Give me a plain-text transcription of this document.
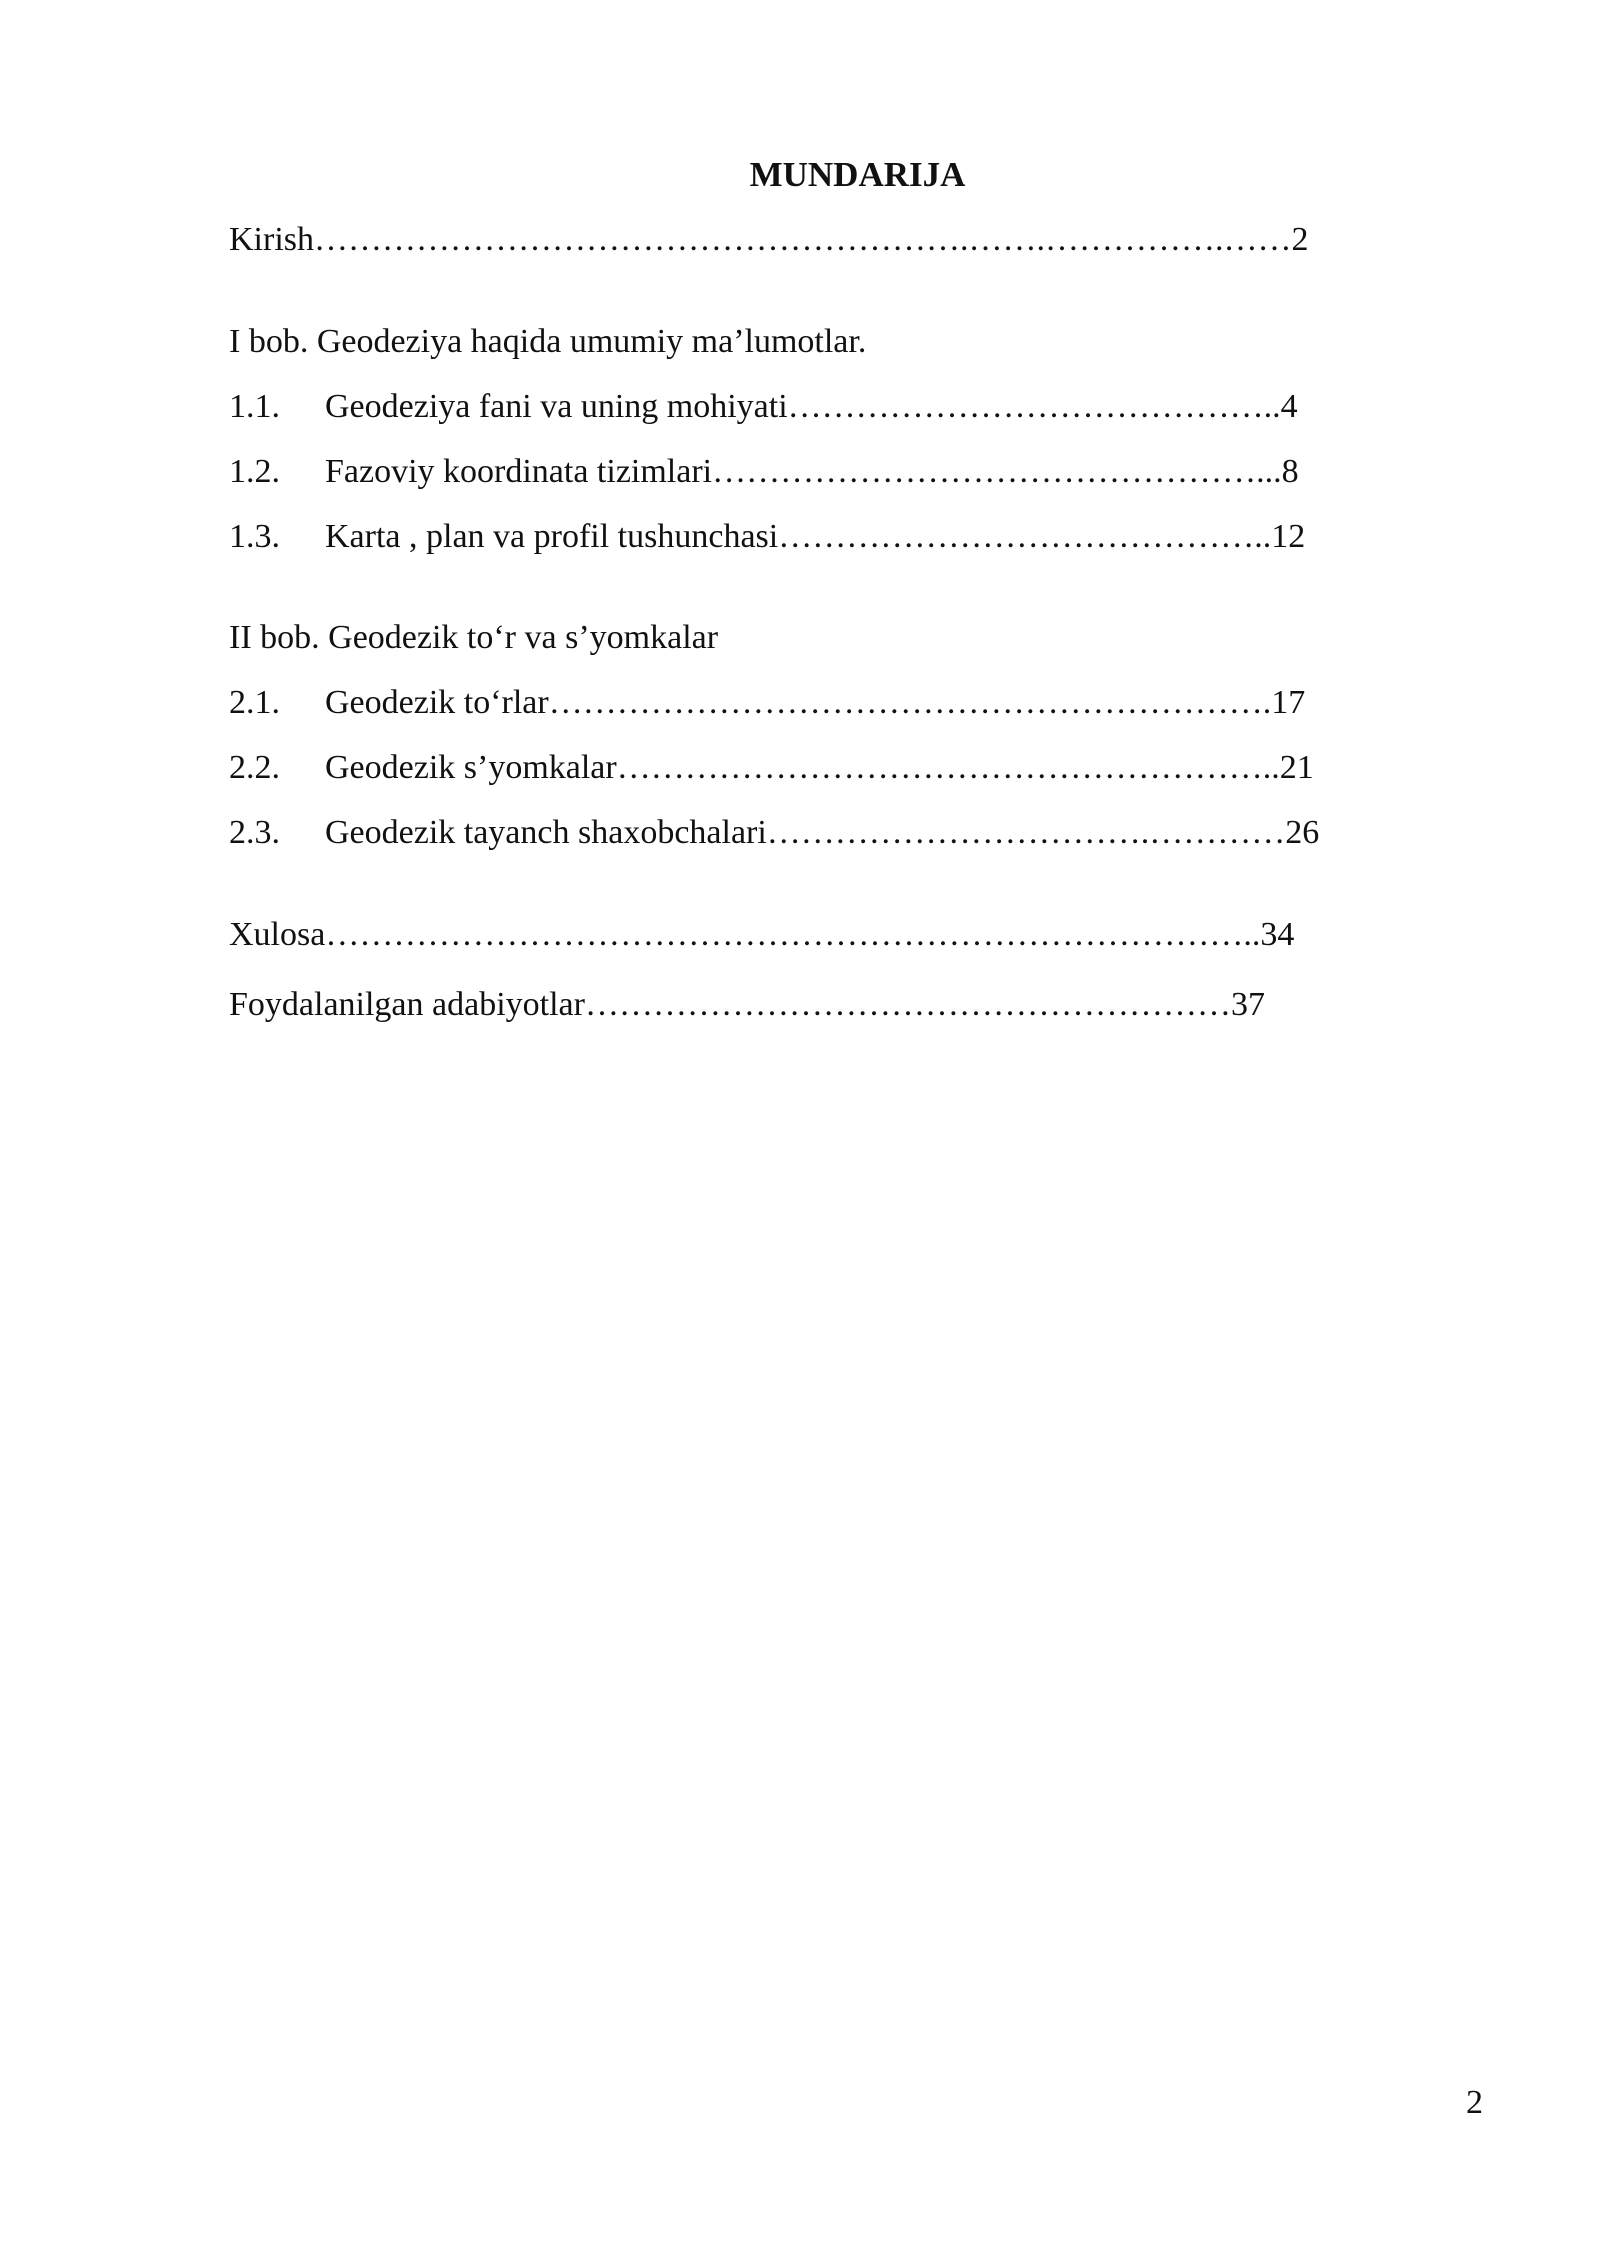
MUNDARIJA
Kirish………………………………………………….…….…………….……2
I bob. Geodeziya haqida umumiy ma’lumotlar.
1.1. Geodeziya fani va uning mohiyati……………………………………..4
1.2. Fazoviy koordinata tizimlari…………………………………………...8
1.3. Karta , plan va profil tushunchasi……………………………………..12
II bob. Geodezik to‘r va s’yomkalar
2.1. Geodezik to‘rlar……………………………………………………….17
2.2. Geodezik s’yomkalar…………………………………………………..21
2.3. Geodezik tayanch shaxobchalari…………………………….…………26
Xulosa………………………………………………………………………..34
Foydalanilgan adabiyotlar…………………………………………………37
2
